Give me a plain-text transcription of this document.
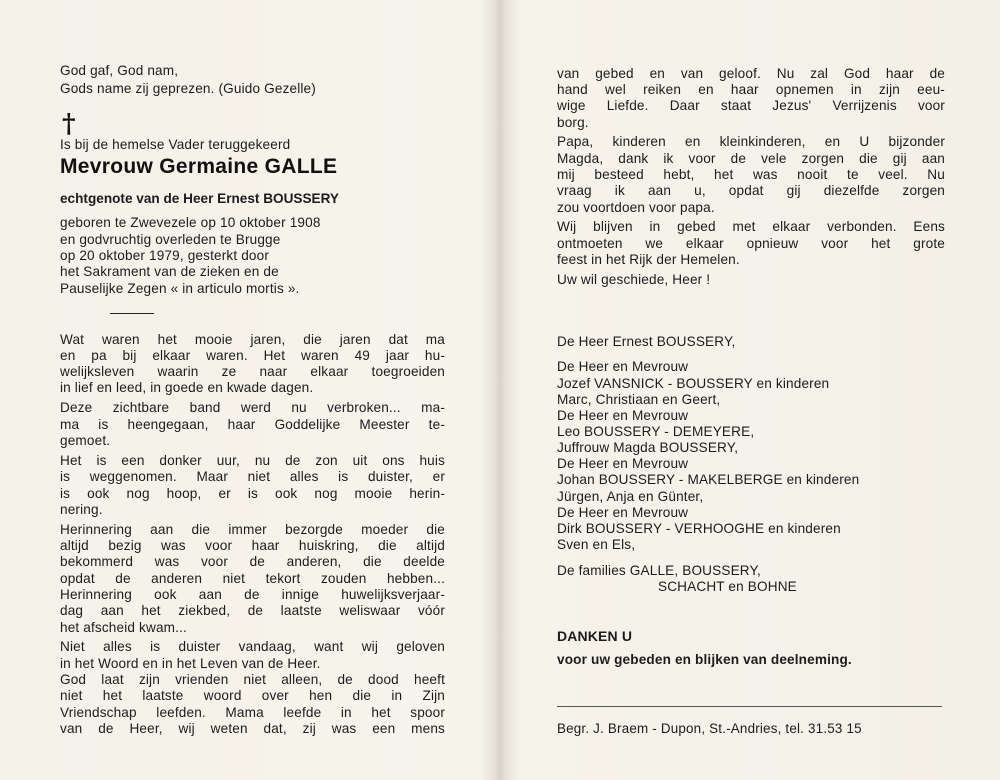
God gaf, God nam,
Gods name zij geprezen. (Guido Gezelle)
Is bij de hemelse Vader teruggekeerd
geboren te Zwevezele op 10 oktober 1908
en godvruchtig overleden te Brugge
op 20 oktober 1979, gesterkt door
het Sakrament van de zieken en de
Pauselijke Zegen « in articulo mortis ».
Wat waren het mooie jaren, die jaren dat ma
en pa bij elkaar waren. Het waren 49 jaar hu-
welijksleven waarin ze naar elkaar toegroeiden
in lief en leed, in goede en kwade dagen.
Deze zichtbare band werd nu verbroken... ma-
ma is heengegaan, haar Goddelijke Meester te-
gemoet.
Het is een donker uur, nu de zon uit ons huis
is weggenomen. Maar niet alles is duister, er
is ook nog hoop, er is ook nog mooie herin-
nering.
Herinnering aan die immer bezorgde moeder die
altijd bezig was voor haar huiskring, die altijd
bekommerd was voor de anderen, die deelde
opdat de anderen niet tekort zouden hebben...
Herinnering ook aan de innige huwelijksverjaar-
dag aan het ziekbed, de laatste weliswaar vóór
het afscheid kwam...
Niet alles is duister vandaag, want wij geloven
in het Woord en in het Leven van de Heer.
God laat zijn vrienden niet alleen, de dood heeft
niet het laatste woord over hen die in Zijn
Vriendschap leefden. Mama leefde in het spoor
van de Heer, wij weten dat, zij was een mens
†
Mevrouw Germaine GALLE
echtgenote van de Heer Ernest BOUSSERY
van gebed en van geloof. Nu zal God haar de
hand wel reiken en haar opnemen in zijn eeu-
wige Liefde. Daar staat Jezus' Verrijzenis voor
borg.
Papa, kinderen en kleinkinderen, en U bijzonder
Magda, dank ik voor de vele zorgen die gij aan
mij besteed hebt, het was nooit te veel. Nu
vraag ik aan u, opdat gij diezelfde zorgen
zou voortdoen voor papa.
Wij blijven in gebed met elkaar verbonden. Eens
ontmoeten we elkaar opnieuw voor het grote
feest in het Rijk der Hemelen.
Uw wil geschiede, Heer !
De Heer Ernest BOUSSERY,
De Heer en Mevrouw
Jozef VANSNICK - BOUSSERY en kinderen
Marc, Christiaan en Geert,
De Heer en Mevrouw
Leo BOUSSERY - DEMEYERE,
Juffrouw Magda BOUSSERY,
De Heer en Mevrouw
Johan BOUSSERY - MAKELBERGE en kinderen
Jürgen, Anja en Günter,
De Heer en Mevrouw
Dirk BOUSSERY - VERHOOGHE en kinderen
Sven en Els,
De families GALLE, BOUSSERY,
SCHACHT en BOHNE
DANKEN U
voor uw gebeden en blijken van deelneming.
Begr. J. Braem - Dupon, St.-Andries, tel. 31.53 15
